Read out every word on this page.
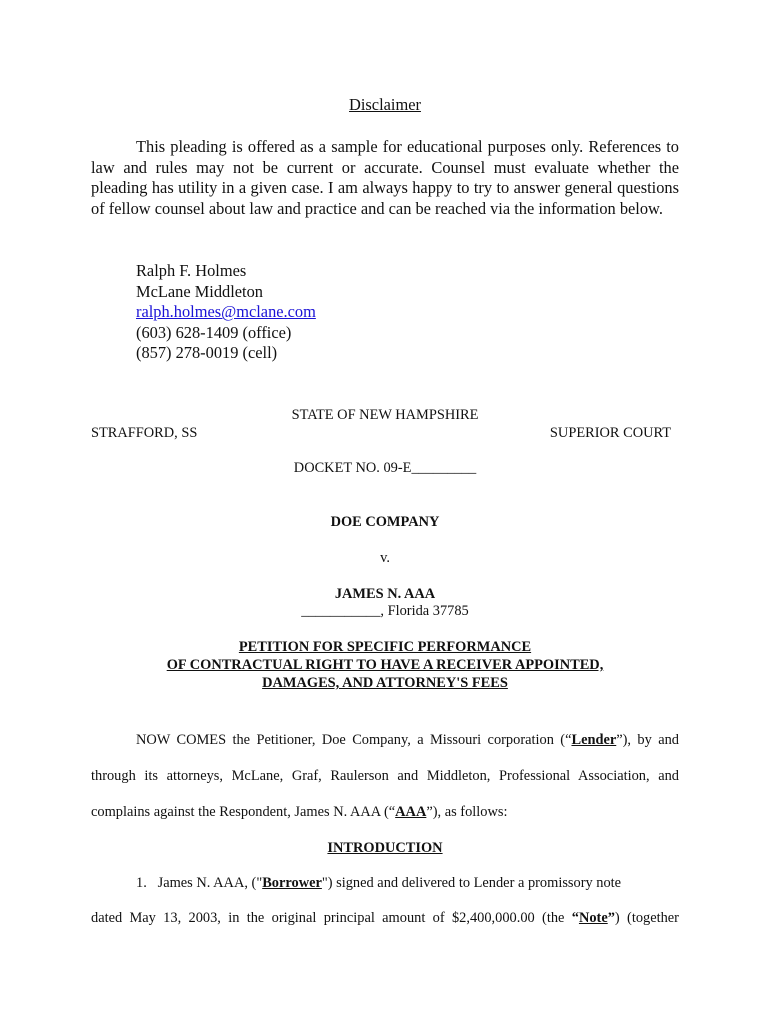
Disclaimer
This pleading is offered as a sample for educational purposes only. References to law and rules may not be current or accurate. Counsel must evaluate whether the pleading has utility in a given case. I am always happy to try to answer general questions of fellow counsel about law and practice and can be reached via the information below.
Ralph F. Holmes
McLane Middleton
ralph.holmes@mclane.com
(603) 628-1409 (office)
(857) 278-0019 (cell)
STATE OF NEW HAMPSHIRE
STRAFFORD, SS	SUPERIOR COURT
DOCKET NO. 09-E_________
DOE COMPANY
v.
JAMES N. AAA
___________, Florida 37785
PETITION FOR SPECIFIC PERFORMANCE
OF CONTRACTUAL RIGHT TO HAVE A RECEIVER APPOINTED,
DAMAGES, AND ATTORNEY'S FEES
NOW COMES the Petitioner, Doe Company, a Missouri corporation (“Lender”), by and
through its attorneys, McLane, Graf, Raulerson and Middleton, Professional Association, and
complains against the Respondent, James N. AAA (“AAA”), as follows:
INTRODUCTION
1. James N. AAA, ("Borrower") signed and delivered to Lender a promissory note
dated May 13, 2003, in the original principal amount of $2,400,000.00 (the “Note”) (together
